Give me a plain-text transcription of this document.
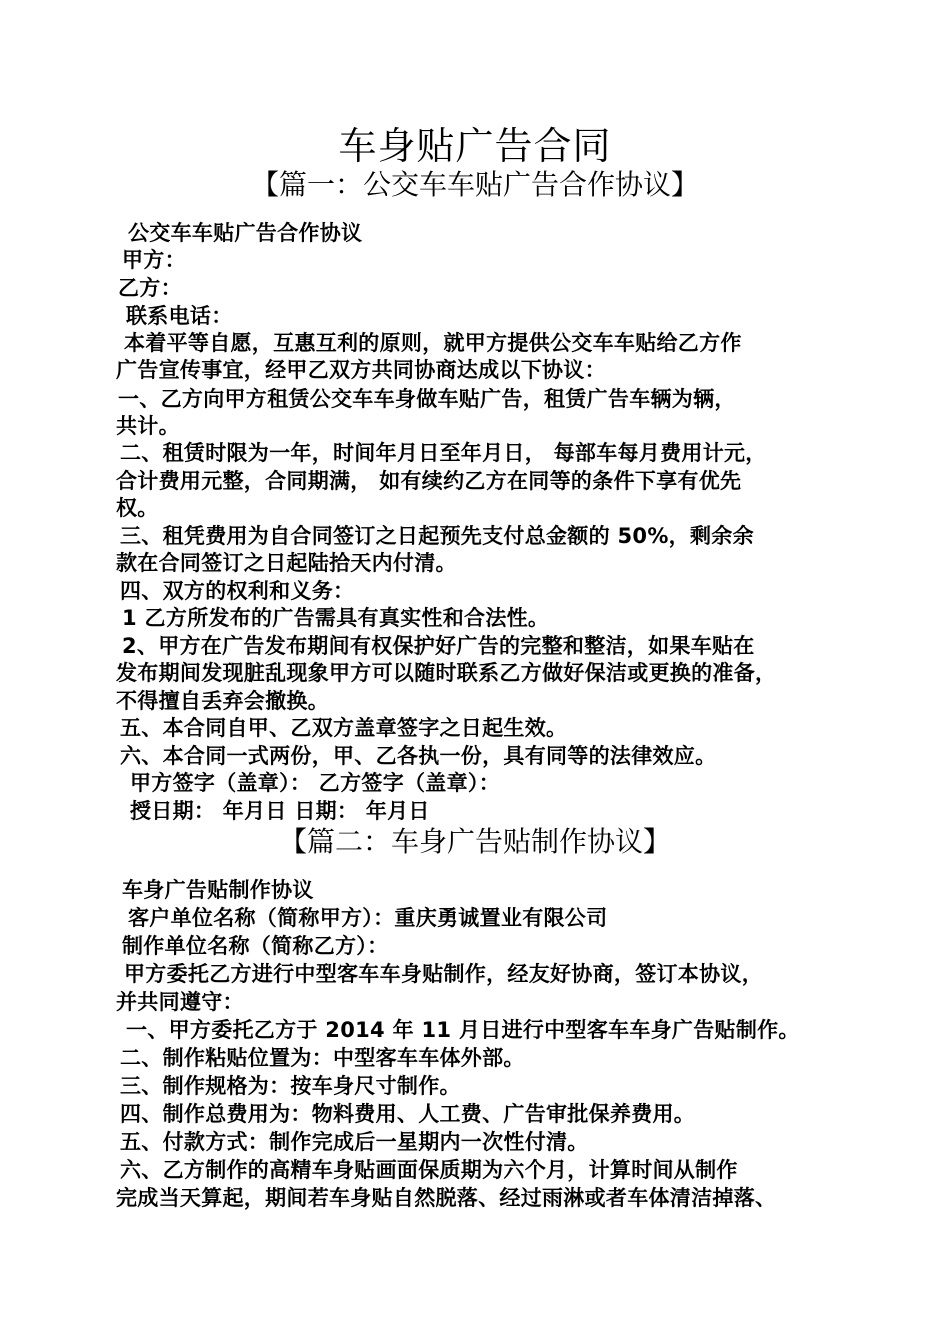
车身贴广告合同
【篇一：公交车车贴广告合作协议】
公交车车贴广告合作协议
甲方：
乙方：
联系电话：
本着平等自愿，互惠互利的原则，就甲方提供公交车车贴给乙方作
广告宣传事宜，经甲乙双方共同协商达成以下协议：
一、乙方向甲方租赁公交车车身做车贴广告，租赁广告车辆为辆，
共计。
二、租赁时限为一年，时间年月日至年月日， 每部车每月费用计元，
合计费用元整，合同期满， 如有续约乙方在同等的条件下享有优先
权。
三、租凭费用为自合同签订之日起预先支付总金额的 50%，剩余余
款在合同签订之日起陆拾天内付清。
四、双方的权利和义务：
1 乙方所发布的广告需具有真实性和合法性。
2、甲方在广告发布期间有权保护好广告的完整和整洁，如果车贴在
发布期间发现脏乱现象甲方可以随时联系乙方做好保洁或更换的准备，
不得擅自丢弃会撤换。
五、本合同自甲、乙双方盖章签字之日起生效。
六、本合同一式两份，甲、乙各执一份，具有同等的法律效应。
甲方签字（盖章）： 乙方签字（盖章）：
授日期： 年月日 日期： 年月日
【篇二：车身广告贴制作协议】
车身广告贴制作协议
客户单位名称（简称甲方）：重庆勇诚置业有限公司
制作单位名称（简称乙方）：
甲方委托乙方进行中型客车车身贴制作，经友好协商，签订本协议，
并共同遵守：
一、甲方委托乙方于 2014 年 11 月日进行中型客车车身广告贴制作。
二、制作粘贴位置为：中型客车车体外部。
三、制作规格为：按车身尺寸制作。
四、制作总费用为：物料费用、人工费、广告审批保养费用。
五、付款方式：制作完成后一星期内一次性付清。
六、乙方制作的高精车身贴画面保质期为六个月，计算时间从制作
完成当天算起，期间若车身贴自然脱落、经过雨淋或者车体清洁掉落、
